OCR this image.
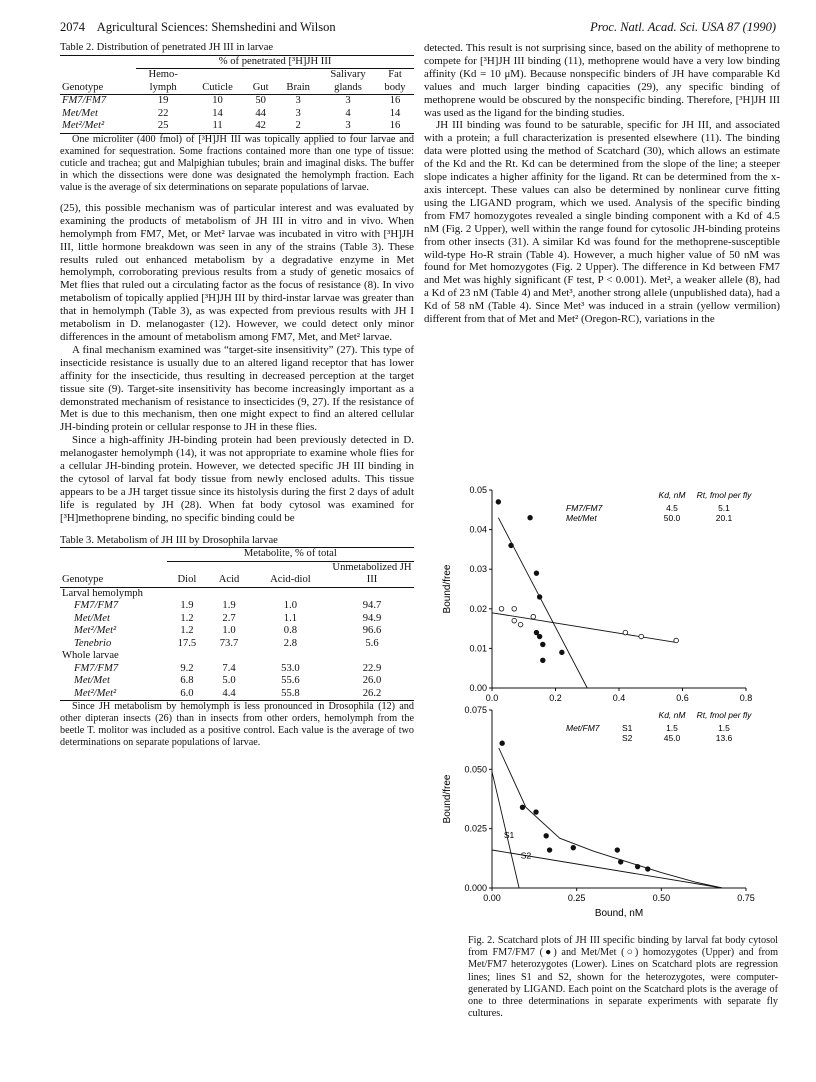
2074    Agricultural Sciences: Shemshedini and Wilson	Proc. Natl. Acad. Sci. USA 87 (1990)

Table 2. Distribution of penetrated JH III in larvae

	% of penetrated [³H]JH III					
Genotype	Hemo-lymph	Cuticle	Gut	Brain	Salivary glands	Fat body
FM7/FM7	19	10	50	3	3	16
Met/Met	22	14	44	3	4	14
Met²/Met²	25	11	42	2	3	16

One microliter (400 fmol) of [³H]JH III was topically applied to four larvae and examined for sequestration. Some fractions contained more than one type of tissue: cuticle and trachea; gut and Malpighian tubules; brain and imaginal disks. The buffer in which the dissections were done was designated the hemolymph fraction. Each value is the average of six determinations on separate populations of larvae.

(25), this possible mechanism was of particular interest and was evaluated by examining the products of metabolism of JH III in vitro and in vivo. When hemolymph from FM7, Met, or Met² larvae was incubated in vitro with [³H]JH III, little hormone breakdown was seen in any of the strains (Table 3). These results ruled out enhanced metabolism by a degradative enzyme in Met hemolymph, corroborating previous results from a study of genetic mosaics of Met flies that ruled out a circulating factor as the focus of resistance (8). In vivo metabolism of topically applied [³H]JH III by third-instar larvae was greater than that in hemolymph (Table 3), as was expected from previous results with JH I metabolism in D. melanogaster (12). However, we could detect only minor differences in the amount of metabolism among FM7, Met, and Met² larvae.

A final mechanism examined was “target-site insensitivity” (27). This type of insecticide resistance is usually due to an altered ligand receptor that has lower affinity for the insecticide, thus resulting in decreased perception at the target tissue site (9). Target-site insensitivity has become increasingly important as a demonstrated mechanism of resistance to insecticides (9, 27). If the resistance of Met is due to this mechanism, then one might expect to find an altered cellular JH-binding protein or cellular response to JH in these flies.

Since a high-affinity JH-binding protein had been previously detected in D. melanogaster hemolymph (14), it was not appropriate to examine whole flies for a cellular JH-binding protein. However, we detected specific JH III binding in the cytosol of larval fat body tissue from newly enclosed adults. This tissue appears to be a JH target tissue since its histolysis during the first 2 days of adult life is regulated by JH (28). When fat body cytosol was examined for [³H]methoprene binding, no specific binding could be

Table 3. Metabolism of JH III by Drosophila larvae

	Metabolite, % of total			
Genotype	Diol	Acid	Acid-diol	Unmetabolized JH III
Larval hemolymph				
FM7/FM7	1.9	1.9	1.0	94.7
Met/Met	1.2	2.7	1.1	94.9
Met²/Met²	1.2	1.0	0.8	96.6
Tenebrio	17.5	73.7	2.8	5.6
Whole larvae				
FM7/FM7	9.2	7.4	53.0	22.9
Met/Met	6.8	5.0	55.6	26.0
Met²/Met²	6.0	4.4	55.8	26.2

Since JH metabolism by hemolymph is less pronounced in Drosophila (12) and other dipteran insects (26) than in insects from other orders, hemolymph from the beetle T. molitor was included as a positive control. Each value is the average of two determinations on separate populations of larvae.

detected. This result is not surprising since, based on the ability of methoprene to compete for [³H]JH III binding (11), methoprene would have a very low binding affinity (Kd = 10 μM). Because nonspecific binders of JH have comparable Kd values and much larger binding capacities (29), any specific binding of methoprene would be obscured by the nonspecific binding. Therefore, [³H]JH III was used as the ligand for the binding studies.

JH III binding was found to be saturable, specific for JH III, and associated with a protein; a full characterization is presented elsewhere (11). The binding data were plotted using the method of Scatchard (30), which allows an estimate of the Kd and the Rt. Kd can be determined from the slope of the line; a steeper slope indicates a higher affinity for the ligand. Rt can be determined from the x-axis intercept. These values can also be determined by nonlinear curve fitting using the LIGAND program, which we used. Analysis of the specific binding from FM7 homozygotes revealed a single binding component with a Kd of 4.5 nM (Fig. 2 Upper), well within the range found for cytosolic JH-binding proteins from other insects (31). A similar Kd was found for the methoprene-susceptible wild-type Ho-R strain (Table 4). However, a much higher value of 50 nM was found for Met homozygotes (Fig. 2 Upper). The difference in Kd between FM7 and Met was highly significant (F test, P < 0.001). Met², a weaker allele (8), had a Kd of 23 nM (Table 4) and Met³, another strong allele (unpublished data), had a Kd of 58 nM (Table 4). Since Met³ was induced in a strain (yellow vermilion) different from that of Met and Met² (Oregon-RC), variations in the

0.0	0.2	0.4	0.6	0.8
0.00
0.01
0.02
0.03
0.04
0.05
Bound/free
Kd, nM Rt, fmol per fly
FM7/FM7	4.5	5.1
Met/Met	50.0	20.1
0.00	0.25	0.50	0.75
0.000
0.025
0.050
0.075
Bound/free
Bound, nM
Kd, nM Rt, fmol per fly
Met/FM7	S1	1.5	1.5
S2	45.0	13.6
S1
S2
Fig. 2. Scatchard plots of JH III specific binding by larval fat body cytosol from FM7/FM7 (●) and Met/Met (○) homozygotes (Upper) and from Met/FM7 heterozygotes (Lower). Lines on Scatchard plots are regression lines; lines S1 and S2, shown for the heterozygotes, were computer-generated by LIGAND. Each point on the Scatchard plots is the average of one to three determinations in separate experiments with separate fly cultures.
